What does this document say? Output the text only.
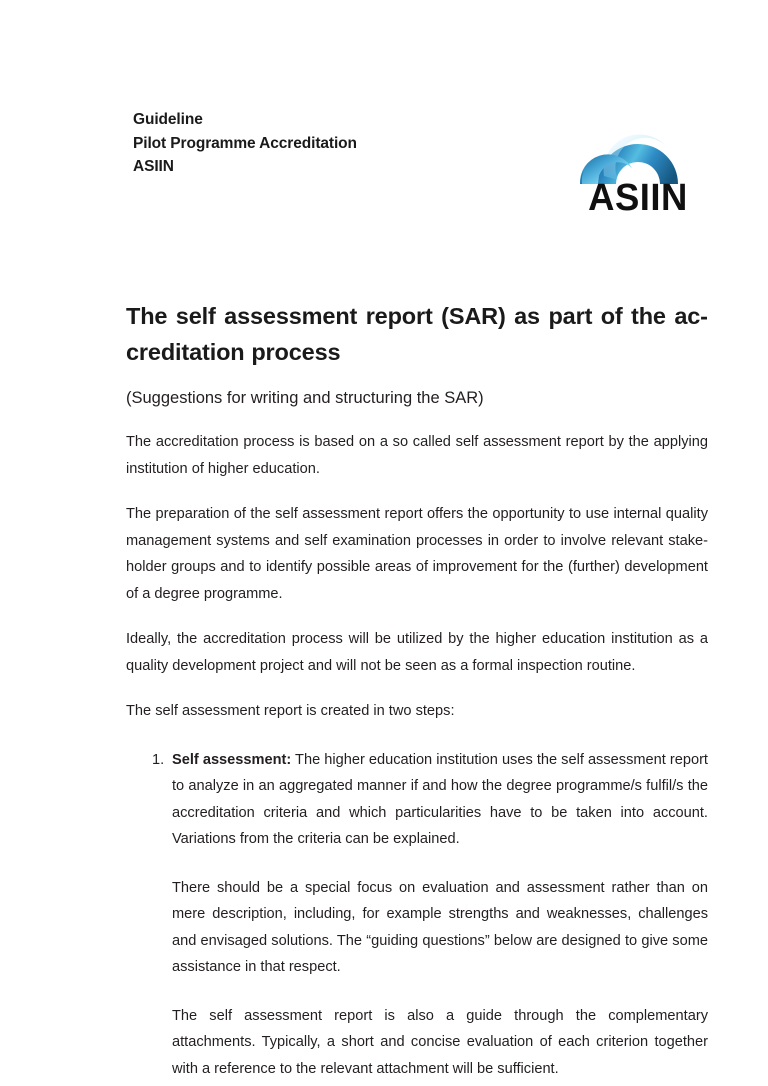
Guideline
Pilot Programme Accreditation
ASIIN
ASIIN
The self assessment report (SAR) as part of the accreditation process

(Suggestions for writing and structuring the SAR)

The accreditation process is based on a so called self assessment report by the applying institution of higher education.

The preparation of the self assessment report offers the opportunity to use internal quality management systems and self examination processes in order to involve relevant stakeholder groups and to identify possible areas of improvement for the (further) development of a degree programme.

Ideally, the accreditation process will be utilized by the higher education institution as a quality development project and will not be seen as a formal inspection routine.

The self assessment report is created in two steps:

1. Self assessment: The higher education institution uses the self assessment report to analyze in an aggregated manner if and how the degree programme/s fulfil/s the accreditation criteria and which particularities have to be taken into account. Variations from the criteria can be explained.

There should be a special focus on evaluation and assessment rather than on mere description, including, for example strengths and weaknesses, challenges and envisaged solutions. The “guiding questions” below are designed to give some assistance in that respect.

The self assessment report is also a guide through the complementary attachments. Typically, a short and concise evaluation of each criterion together with a reference to the relevant attachment will be sufficient.
